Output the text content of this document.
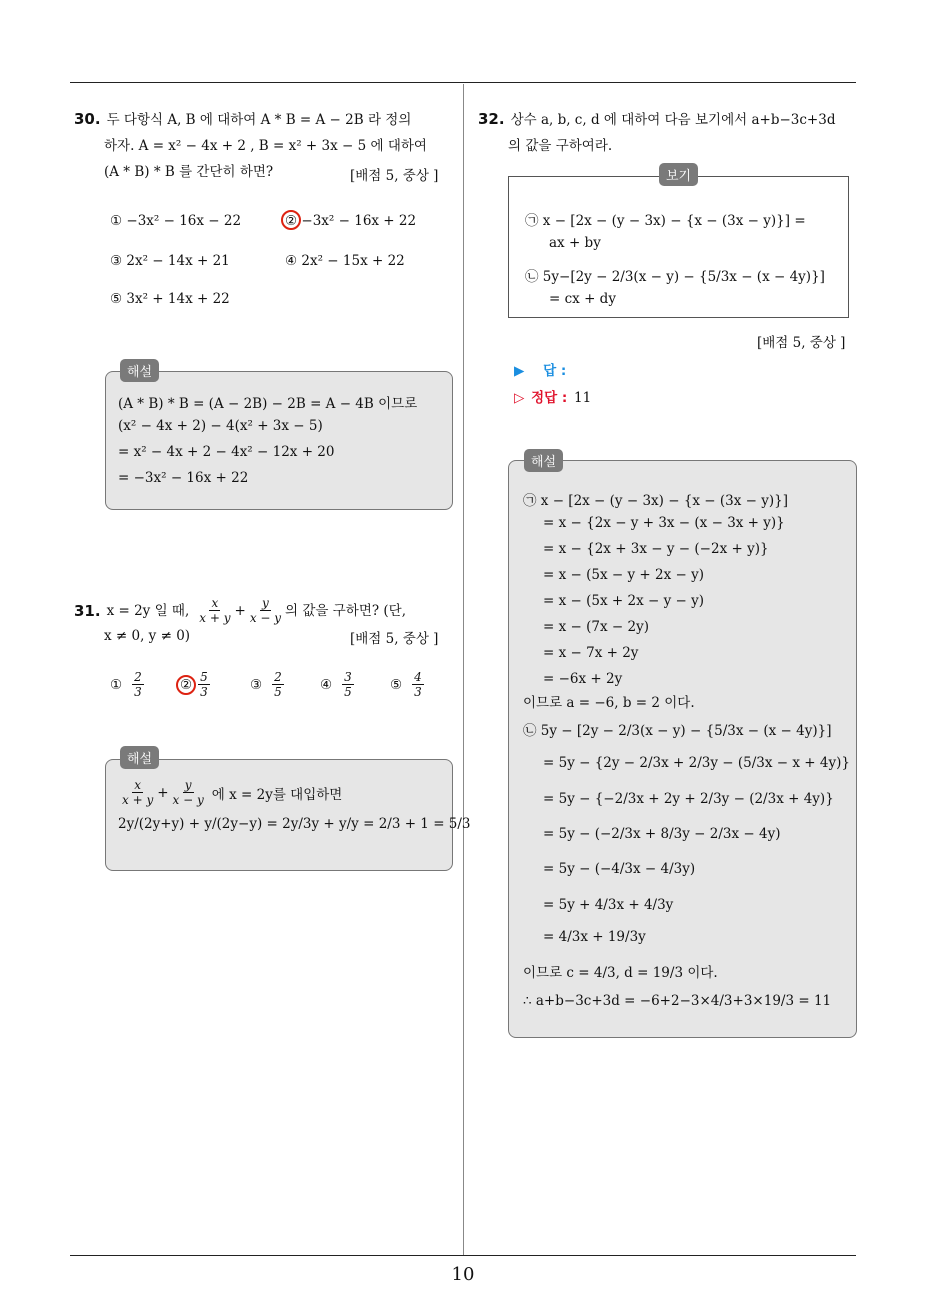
10
30. 두 다항식 A, B 에 대하여 A * B = A − 2B 라 정의
하자. A = x² − 4x + 2 , B = x² + 3x − 5 에 대하여
(A * B) * B 를 간단히 하면?	[배점 5, 중상 ]
① −3x² − 16x − 22	② −3x² − 16x + 22
③ 2x² − 14x + 21	④ 2x² − 15x + 22
⑤ 3x² + 14x + 22
(A * B) * B = (A − 2B) − 2B = A − 4B 이므로
(x² − 4x + 2) − 4(x² + 3x − 5)
= x² − 4x + 2 − 4x² − 12x + 20
= −3x² − 16x + 22
해설
31. x = 2y 일 때, $\frac{x}{x + y} + \frac{y}{x - y}$ 의 값을 구하면? (단,
x ≠ 0, y ≠ 0)	[배점 5, 중상 ]
① $\frac{2}{3}$	② $\frac{5}{3}$	③ $\frac{2}{5}$	④ $\frac{3}{5}$	⑤ $\frac{4}{3}$
$\frac{x}{x + y} + \frac{y}{x - y}$ 에 x = 2y를 대입하면
2y/(2y+y) + y/(2y−y) = 2y/3y + y/y = 2/3 + 1 = 5/3
해설
32. 상수 a, b, c, d 에 대하여 다음 보기에서 a+b−3c+3d
의 값을 구하여라.
㉠ x − [2x − (y − 3x) − {x − (3x − y)}] =
ax + by
㉡ 5y−[2y − 2/3(x − y) − {5/3x − (x − 4y)}]
= cx + dy
보기
[배점 5, 중상 ]
▶ 답 :
▷ 정답 : 11
㉠ x − [2x − (y − 3x) − {x − (3x − y)}]
= x − {2x − y + 3x − (x − 3x + y)}
= x − {2x + 3x − y − (−2x + y)}
= x − (5x − y + 2x − y)
= x − (5x + 2x − y − y)
= x − (7x − 2y)
= x − 7x + 2y
= −6x + 2y
이므로 a = −6, b = 2 이다.
㉡ 5y − [2y − 2/3(x − y) − {5/3x − (x − 4y)}]
= 5y − {2y − 2/3x + 2/3y − (5/3x − x + 4y)}
= 5y − {−2/3x + 2y + 2/3y − (2/3x + 4y)}
= 5y − (−2/3x + 8/3y − 2/3x − 4y)
= 5y − (−4/3x − 4/3y)
= 5y + 4/3x + 4/3y
= 4/3x + 19/3y
이므로 c = 4/3, d = 19/3 이다.
∴ a+b−3c+3d = −6+2−3×4/3+3×19/3 = 11
해설
